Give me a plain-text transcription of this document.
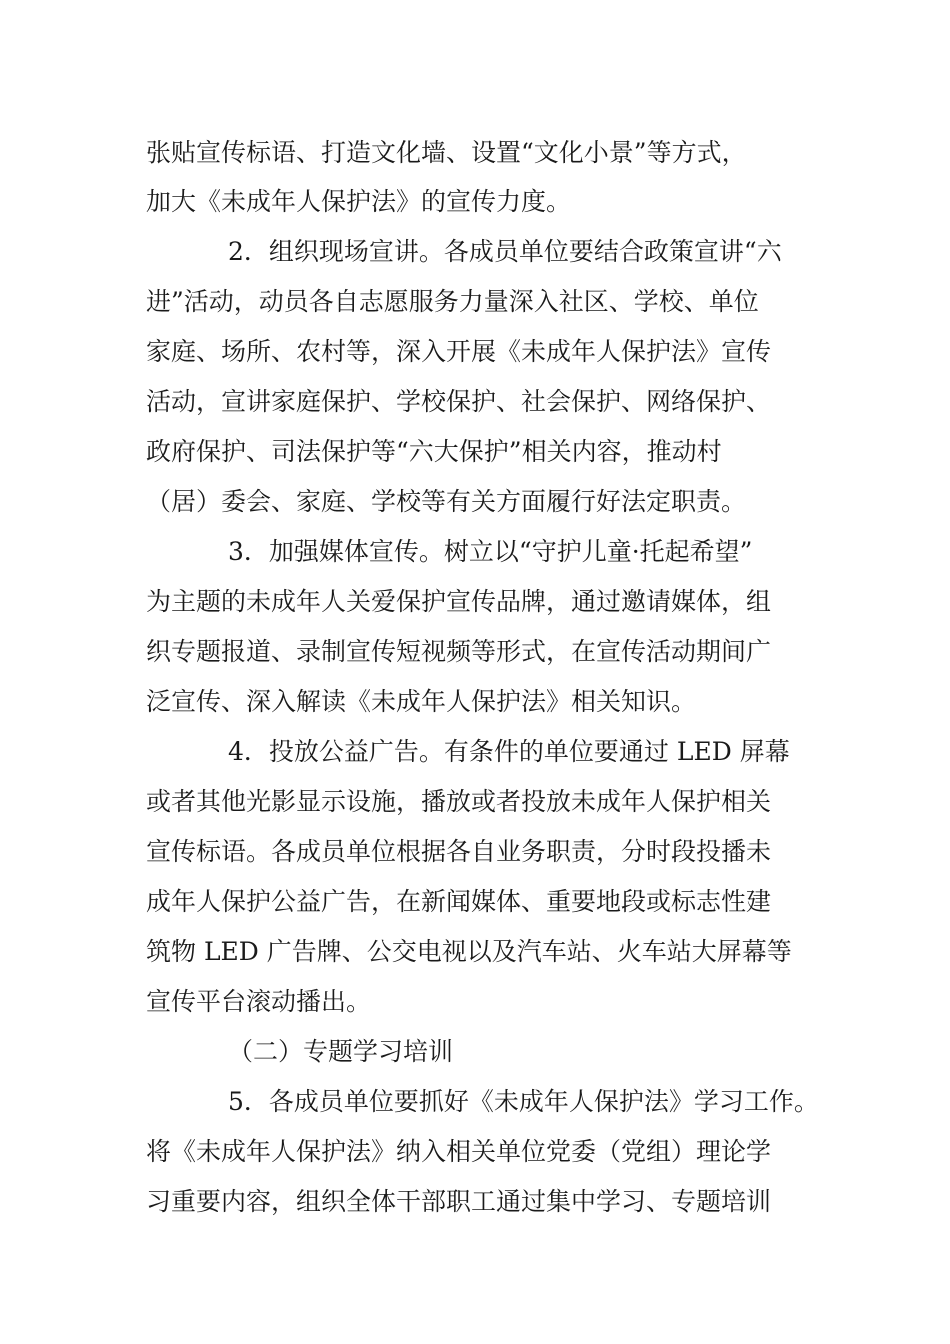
张贴宣传标语、打造文化墙、设置“文化小景”等方式，
加大《未成年人保护法》的宣传力度。
2．组织现场宣讲。各成员单位要结合政策宣讲“六
进”活动，动员各自志愿服务力量深入社区、学校、单位
家庭、场所、农村等，深入开展《未成年人保护法》宣传
活动，宣讲家庭保护、学校保护、社会保护、网络保护、
政府保护、司法保护等“六大保护”相关内容，推动村
（居）委会、家庭、学校等有关方面履行好法定职责。
3．加强媒体宣传。树立以“守护儿童·托起希望”
为主题的未成年人关爱保护宣传品牌，通过邀请媒体，组
织专题报道、录制宣传短视频等形式，在宣传活动期间广
泛宣传、深入解读《未成年人保护法》相关知识。
4．投放公益广告。有条件的单位要通过 LED 屏幕
或者其他光影显示设施，播放或者投放未成年人保护相关
宣传标语。各成员单位根据各自业务职责，分时段投播未
成年人保护公益广告，在新闻媒体、重要地段或标志性建
筑物 LED 广告牌、公交电视以及汽车站、火车站大屏幕等
宣传平台滚动播出。
（二）专题学习培训
5．各成员单位要抓好《未成年人保护法》学习工作。
将《未成年人保护法》纳入相关单位党委（党组）理论学
习重要内容，组织全体干部职工通过集中学习、专题培训
